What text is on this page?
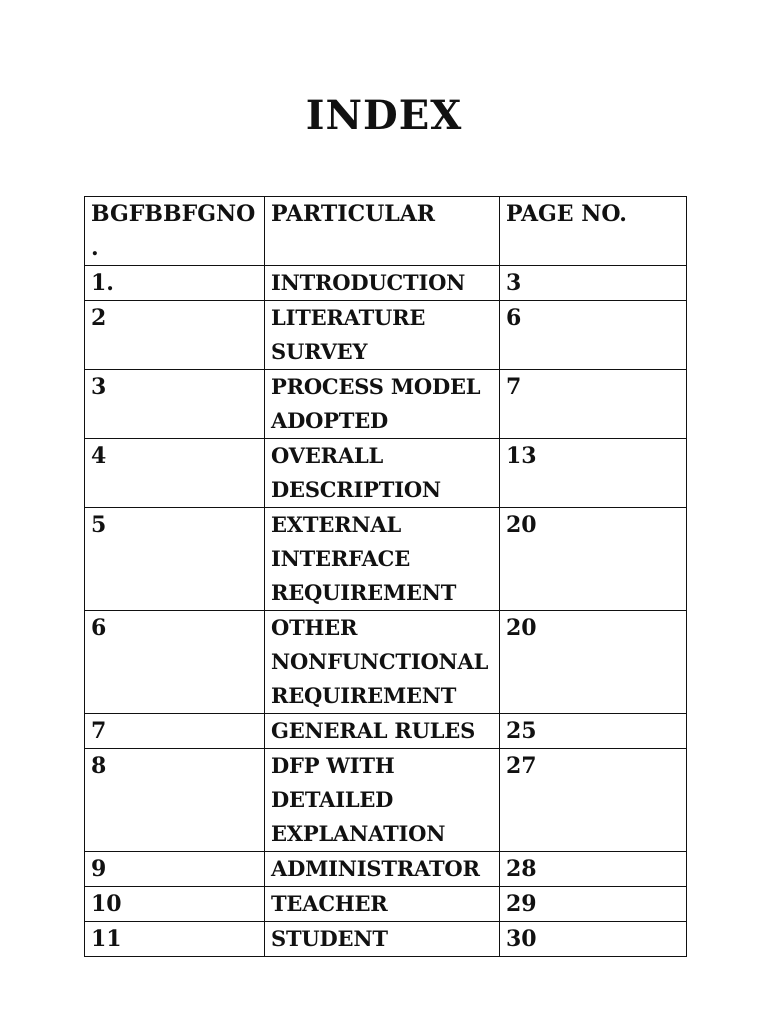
INDEX
BGFBBFGNO.	PARTICULAR	PAGE NO.
1.	INTRODUCTION	3
2	LITERATURE SURVEY	6
3	PROCESS MODEL ADOPTED	7
4	OVERALL DESCRIPTION	13
5	EXTERNAL INTERFACE REQUIREMENT	20
6	OTHER NONFUNCTIONAL REQUIREMENT	20
7	GENERAL RULES	25
8	DFP WITH DETAILED EXPLANATION	27
9	ADMINISTRATOR	28
10	TEACHER	29
11	STUDENT	30
